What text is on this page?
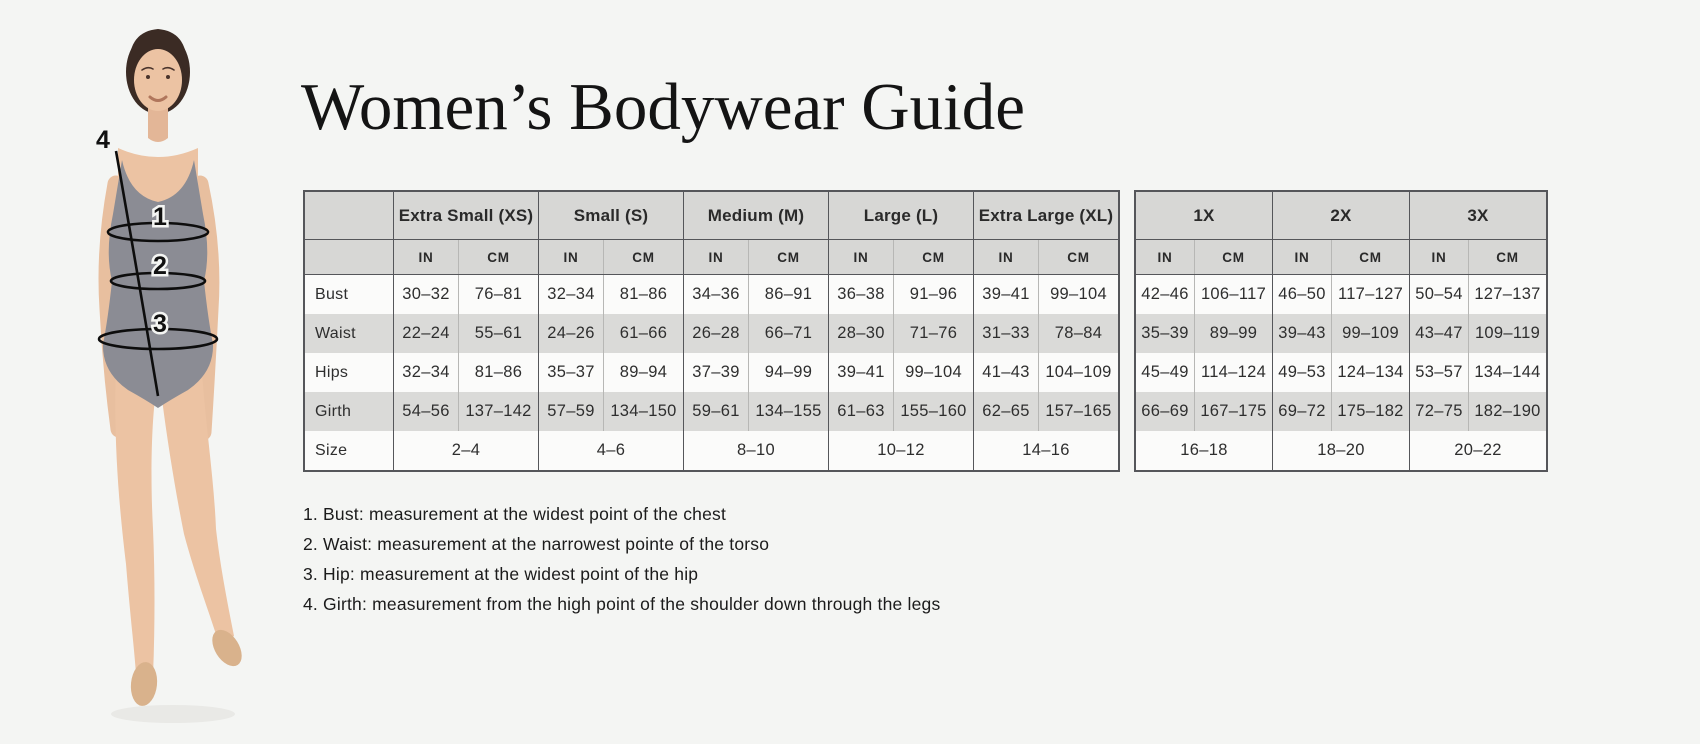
4
1
2
3
Women’s Bodywear Guide
	Extra Small (XS)		Small (S)		Medium (M)		Large (L)		Extra Large (XL)	
	IN	CM	IN	CM	IN	CM	IN	CM	IN	CM
Bust	30–32	76–81	32–34	81–86	34–36	86–91	36–38	91–96	39–41	99–104
Waist	22–24	55–61	24–26	61–66	26–28	66–71	28–30	71–76	31–33	78–84
Hips	32–34	81–86	35–37	89–94	37–39	94–99	39–41	99–104	41–43	104–109
Girth	54–56	137–142	57–59	134–150	59–61	134–155	61–63	155–160	62–65	157–165
Size	2–4		4–6		8–10		10–12		14–16	
1X		2X		3X	
IN	CM	IN	CM	IN	CM
42–46	106–117	46–50	117–127	50–54	127–137
35–39	89–99	39–43	99–109	43–47	109–119
45–49	114–124	49–53	124–134	53–57	134–144
66–69	167–175	69–72	175–182	72–75	182–190
16–18		18–20		20–22	
1. Bust: measurement at the widest point of the chest
2. Waist: measurement at the narrowest pointe of the torso
3. Hip: measurement at the widest point of the hip
4. Girth: measurement from the high point of the shoulder down through the legs
